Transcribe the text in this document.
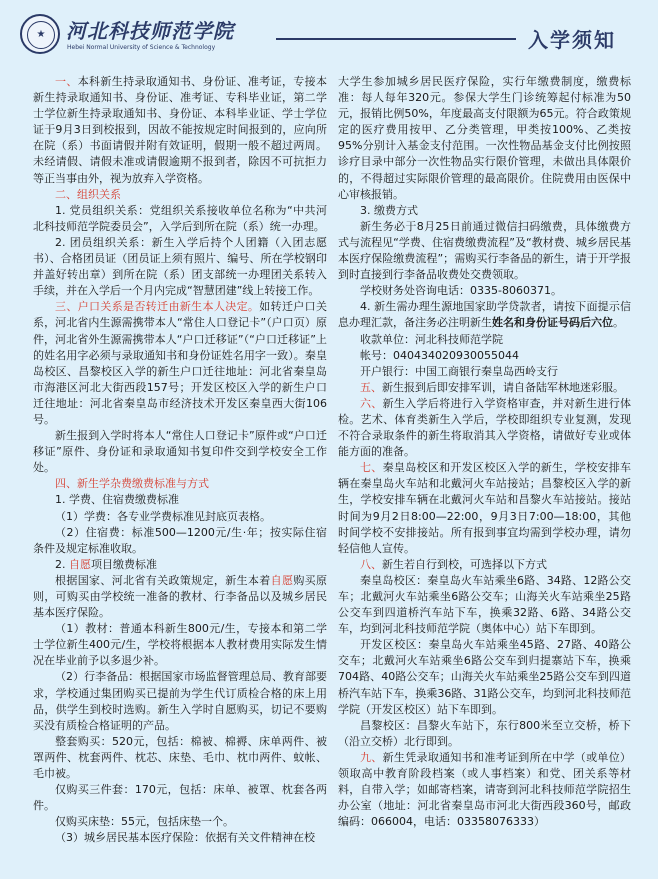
★	河北科技师范学院
Hebei Normal University of Science & Technology	入学须知

一、本科新生持录取通知书、身份证、准考证，专接本新生持录取通知书、身份证、准考证、专科毕业证，第二学士学位新生持录取通知书、身份证、本科毕业证、学士学位证于9月3日到校报到，因故不能按规定时间报到的，应向所在院（系）书面请假并附有效证明，假期一般不超过两周。未经请假、请假未准或请假逾期不报到者，除因不可抗拒力等正当事由外，视为放弃入学资格。

二、组织关系

1. 党员组织关系：党组织关系接收单位名称为“中共河北科技师范学院委员会”，入学后到所在院（系）统一办理。

2. 团员组织关系：新生入学后持个人团籍（入团志愿书）、合格团员证（团员证上须有照片、编号、所在学校钢印并盖好转出章）到所在院（系）团支部统一办理团关系转入手续，并在入学后一个月内完成“智慧团建”线上转接工作。

三、户口关系是否转迁由新生本人决定。如转迁户口关系，河北省内生源需携带本人“常住人口登记卡”（户口页）原件，河北省外生源需携带本人“户口迁移证”（“户口迁移证”上的姓名用字必须与录取通知书和身份证姓名用字一致）。秦皇岛校区、昌黎校区入学的新生户口迁往地址：河北省秦皇岛市海港区河北大街西段157号；开发区校区入学的新生户口迁往地址：河北省秦皇岛市经济技术开发区秦皇西大街106号。

新生报到入学时将本人“常住人口登记卡”原件或“户口迁移证”原件、身份证和录取通知书复印件交到学校安全工作处。

四、新生学杂费缴费标准与方式

1. 学费、住宿费缴费标准

（1）学费：各专业学费标准见封底页表格。

（2）住宿费：标准500—1200元/生·年；按实际住宿条件及规定标准收取。

2. 自愿项目缴费标准

根据国家、河北省有关政策规定，新生本着自愿购买原则，可购买由学校统一准备的教材、行李备品以及城乡居民基本医疗保险。

（1）教材：普通本科新生800元/生，专接本和第二学士学位新生400元/生，学校将根据本人教材费用实际发生情况在毕业前予以多退少补。

（2）行李备品：根据国家市场监督管理总局、教育部要求，学校通过集团购买已提前为学生代订质检合格的床上用品，供学生到校时选购。新生入学时自愿购买，切记不要购买没有质检合格证明的产品。

整套购买：520元，包括：棉被、棉褥、床单两件、被罩两件、枕套两件、枕芯、床垫、毛巾、枕巾两件、蚊帐、毛巾被。

仅购买三件套：170元，包括：床单、被罩、枕套各两件。

仅购买床垫：55元，包括床垫一个。

（3）城乡居民基本医疗保险：依据有关文件精神在校

大学生参加城乡居民医疗保险，实行年缴费制度，缴费标准：每人每年320元。参保大学生门诊统筹起付标准为50元，报销比例50%，年度最高支付限额为65元。符合政策规定的医疗费用按甲、乙分类管理，甲类按100%、乙类按95%分别计入基金支付范围。一次性物品基金支付比例按照诊疗目录中部分一次性物品实行限价管理，未做出具体限价的，不得超过实际限价管理的最高限价。住院费用由医保中心审核报销。

3. 缴费方式

新生务必于8月25日前通过微信扫码缴费，具体缴费方式与流程见“学费、住宿费缴费流程”及“教材费、城乡居民基本医疗保险缴费流程”；需购买行李备品的新生，请于开学报到时直接到行李备品收费处交费领取。

学校财务处咨询电话：0335-8060371。

4. 新生需办理生源地国家助学贷款者，请按下面提示信息办理汇款，备注务必注明新生姓名和身份证号码后六位。

收款单位：河北科技师范学院

帐号：040434020930055044

开户银行：中国工商银行秦皇岛西岭支行

五、新生报到后即安排军训，请自备陆军林地迷彩服。

六、新生入学后将进行入学资格审查，并对新生进行体检。艺术、体育类新生入学后，学校即组织专业复测，发现不符合录取条件的新生将取消其入学资格，请做好专业或体能方面的准备。

七、秦皇岛校区和开发区校区入学的新生，学校安排车辆在秦皇岛火车站和北戴河火车站接站；昌黎校区入学的新生，学校安排车辆在北戴河火车站和昌黎火车站接站。接站时间为9月2日8:00—22:00，9月3日7:00—18:00，其他时间学校不安排接站。所有报到事宜均需到学校办理，请勿轻信他人宣传。

八、新生若自行到校，可选择以下方式

秦皇岛校区：秦皇岛火车站乘坐6路、34路、12路公交车；北戴河火车站乘坐6路公交车；山海关火车站乘坐25路公交车到四道桥汽车站下车，换乘32路、6路、34路公交车，均到河北科技师范学院（奥体中心）站下车即到。

开发区校区：秦皇岛火车站乘坐45路、27路、40路公交车；北戴河火车站乘坐6路公交车到归提寨站下车，换乘704路、40路公交车；山海关火车站乘坐25路公交车到四道桥汽车站下车，换乘36路、31路公交车，均到河北科技师范学院（开发区校区）站下车即到。

昌黎校区：昌黎火车站下，东行800米至立交桥，桥下（沿立交桥）北行即到。

九、新生凭录取通知书和准考证到所在中学（或单位）领取高中教育阶段档案（或人事档案）和党、团关系等材料，自带入学；如邮寄档案，请寄到河北科技师范学院招生办公室（地址：河北省秦皇岛市河北大街西段360号，邮政编码：066004，电话：03358076333）
